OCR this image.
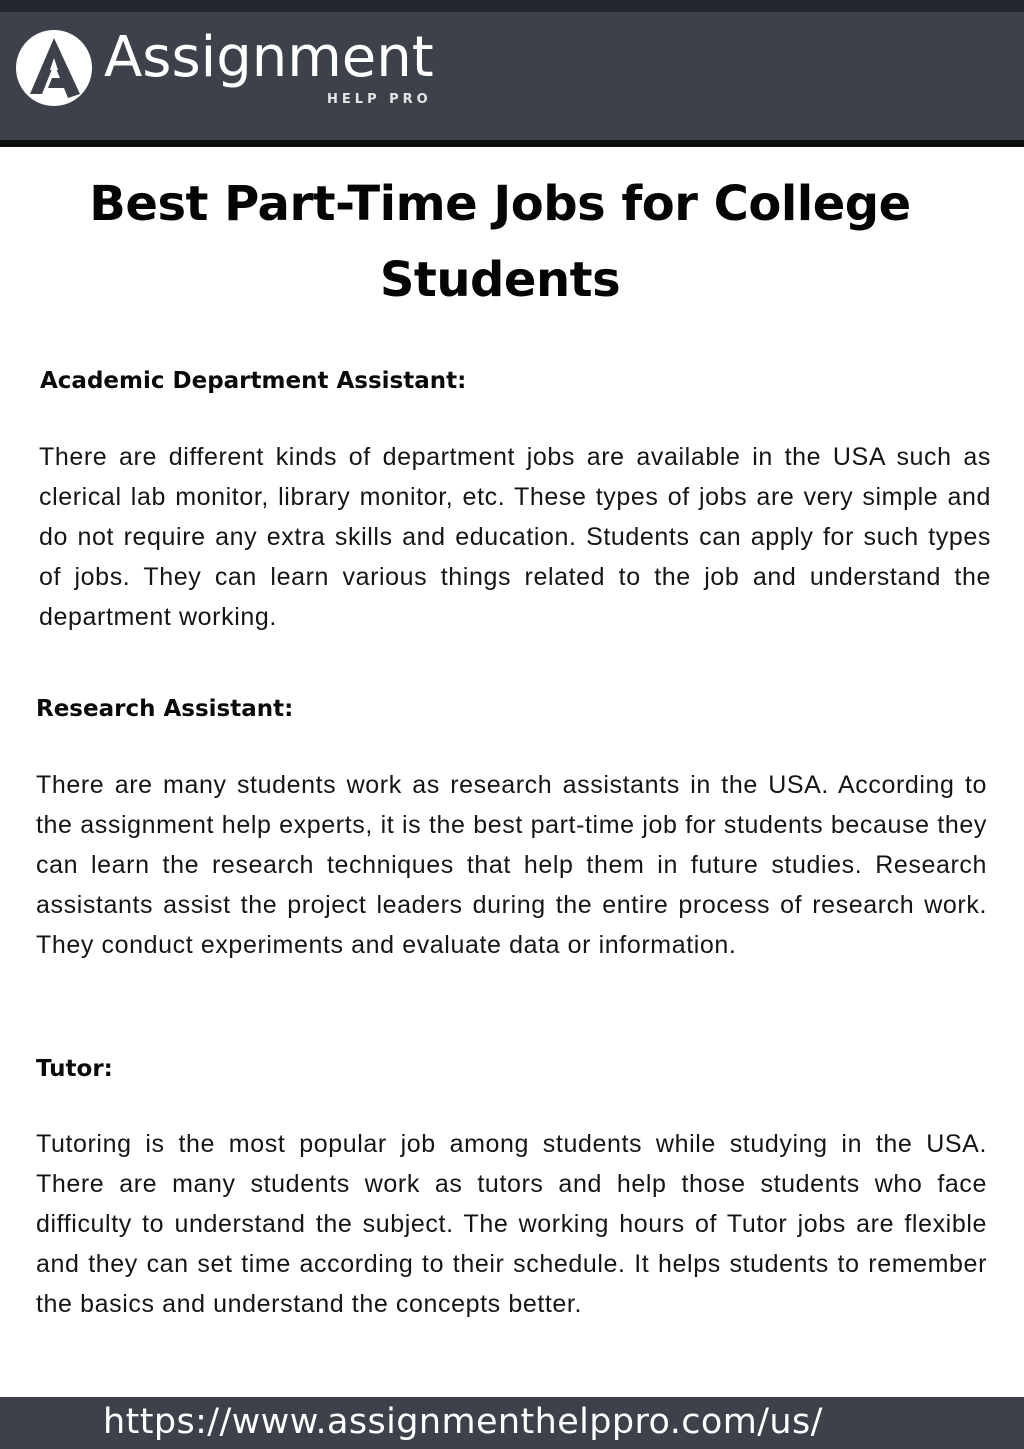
Assignment
HELP PRO
Best Part-Time Jobs for College Students
Academic Department Assistant:

There are different kinds of department jobs are available in the USA such as clerical lab monitor, library monitor, etc. These types of jobs are very simple and do not require any extra skills and education. Students can apply for such types of jobs. They can learn various things related to the job and understand the department working.

Research Assistant:

There are many students work as research assistants in the USA. According to the assignment help experts, it is the best part-time job for students because they can learn the research techniques that help them in future studies. Research assistants assist the project leaders during the entire process of research work. They conduct experiments and evaluate data or information.

Tutor:

Tutoring is the most popular job among students while studying in the USA. There are many students work as tutors and help those students who face difficulty to understand the subject. The working hours of Tutor jobs are flexible and they can set time according to their schedule. It helps students to remember the basics and understand the concepts better.

https://www.assignmenthelppro.com/us/
